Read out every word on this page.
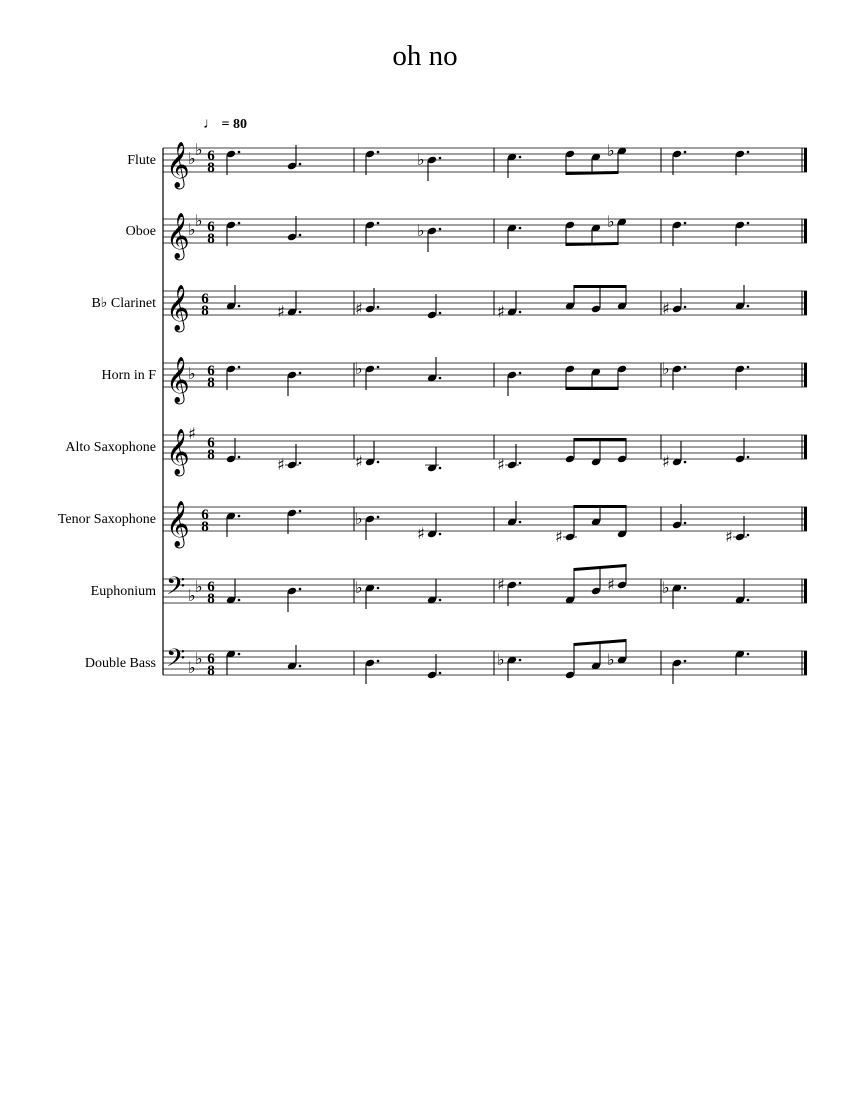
oh no
♩ = 80
Flute 𝄞
♭ ♭ 6
8	♭	♭
Oboe 𝄞
♭ ♭ 6
8	♭	♭
B♭ Clarinet 𝄞 6
8	♯	♯	♯	♯
Horn in F 𝄞
♭ 6
8
♭	♭
Alto Saxophone 𝄞
♯ 6
8	♯	♯	♯	♯
Tenor Saxophone 𝄞 6
8	♭
♯	♯	♯
Euphonium 𝄢 ♭ ♭ 6
8
♭	♯	♯	♭
Double Bass 𝄢 ♭ ♭ 6
8
♭	♭
